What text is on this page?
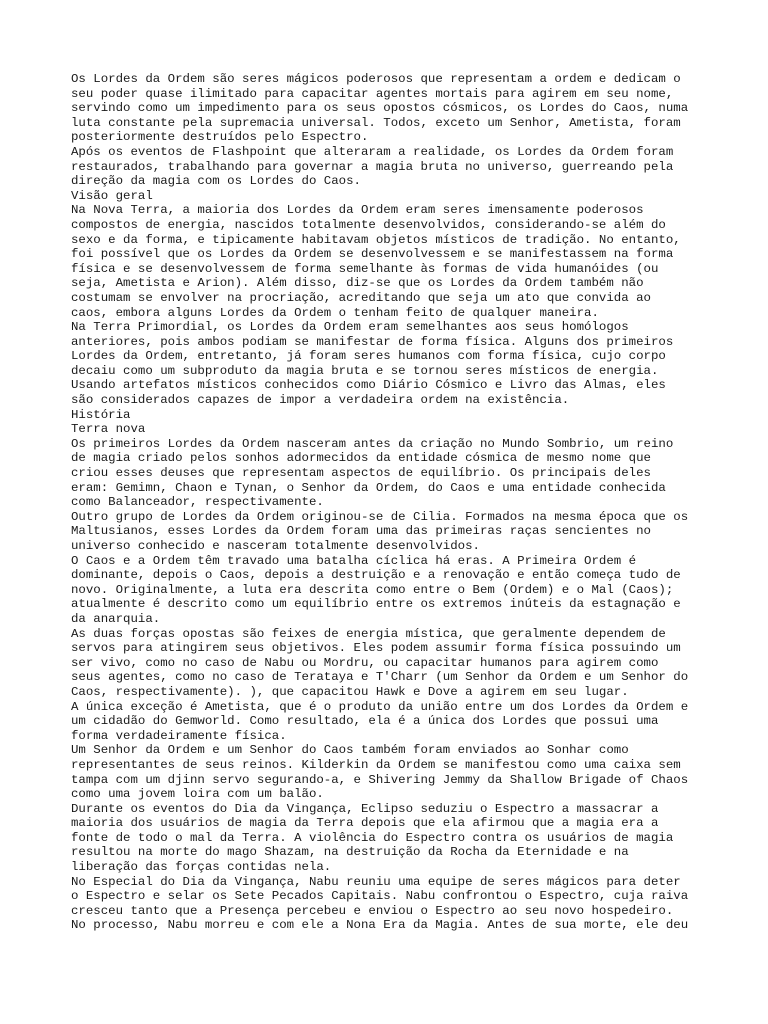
Os Lordes da Ordem são seres mágicos poderosos que representam a ordem e dedicam o
seu poder quase ilimitado para capacitar agentes mortais para agirem em seu nome,
servindo como um impedimento para os seus opostos cósmicos, os Lordes do Caos, numa
luta constante pela supremacia universal. Todos, exceto um Senhor, Ametista, foram
posteriormente destruídos pelo Espectro.
Após os eventos de Flashpoint que alteraram a realidade, os Lordes da Ordem foram
restaurados, trabalhando para governar a magia bruta no universo, guerreando pela
direção da magia com os Lordes do Caos.
Visão geral
Na Nova Terra, a maioria dos Lordes da Ordem eram seres imensamente poderosos
compostos de energia, nascidos totalmente desenvolvidos, considerando-se além do
sexo e da forma, e tipicamente habitavam objetos místicos de tradição. No entanto,
foi possível que os Lordes da Ordem se desenvolvessem e se manifestassem na forma
física e se desenvolvessem de forma semelhante às formas de vida humanóides (ou
seja, Ametista e Arion). Além disso, diz-se que os Lordes da Ordem também não
costumam se envolver na procriação, acreditando que seja um ato que convida ao
caos, embora alguns Lordes da Ordem o tenham feito de qualquer maneira.
Na Terra Primordial, os Lordes da Ordem eram semelhantes aos seus homólogos
anteriores, pois ambos podiam se manifestar de forma física. Alguns dos primeiros
Lordes da Ordem, entretanto, já foram seres humanos com forma física, cujo corpo
decaiu como um subproduto da magia bruta e se tornou seres místicos de energia.
Usando artefatos místicos conhecidos como Diário Cósmico e Livro das Almas, eles
são considerados capazes de impor a verdadeira ordem na existência.
História
Terra nova
Os primeiros Lordes da Ordem nasceram antes da criação no Mundo Sombrio, um reino
de magia criado pelos sonhos adormecidos da entidade cósmica de mesmo nome que
criou esses deuses que representam aspectos de equilíbrio. Os principais deles
eram: Gemimn, Chaon e Tynan, o Senhor da Ordem, do Caos e uma entidade conhecida
como Balanceador, respectivamente.
Outro grupo de Lordes da Ordem originou-se de Cilia. Formados na mesma época que os
Maltusianos, esses Lordes da Ordem foram uma das primeiras raças sencientes no
universo conhecido e nasceram totalmente desenvolvidos.
O Caos e a Ordem têm travado uma batalha cíclica há eras. A Primeira Ordem é
dominante, depois o Caos, depois a destruição e a renovação e então começa tudo de
novo. Originalmente, a luta era descrita como entre o Bem (Ordem) e o Mal (Caos);
atualmente é descrito como um equilíbrio entre os extremos inúteis da estagnação e
da anarquia.
As duas forças opostas são feixes de energia mística, que geralmente dependem de
servos para atingirem seus objetivos. Eles podem assumir forma física possuindo um
ser vivo, como no caso de Nabu ou Mordru, ou capacitar humanos para agirem como
seus agentes, como no caso de Terataya e T'Charr (um Senhor da Ordem e um Senhor do
Caos, respectivamente). ), que capacitou Hawk e Dove a agirem em seu lugar.
A única exceção é Ametista, que é o produto da união entre um dos Lordes da Ordem e
um cidadão do Gemworld. Como resultado, ela é a única dos Lordes que possui uma
forma verdadeiramente física.
Um Senhor da Ordem e um Senhor do Caos também foram enviados ao Sonhar como
representantes de seus reinos. Kilderkin da Ordem se manifestou como uma caixa sem
tampa com um djinn servo segurando-a, e Shivering Jemmy da Shallow Brigade of Chaos
como uma jovem loira com um balão.
Durante os eventos do Dia da Vingança, Eclipso seduziu o Espectro a massacrar a
maioria dos usuários de magia da Terra depois que ela afirmou que a magia era a
fonte de todo o mal da Terra. A violência do Espectro contra os usuários de magia
resultou na morte do mago Shazam, na destruição da Rocha da Eternidade e na
liberação das forças contidas nela.
No Especial do Dia da Vingança, Nabu reuniu uma equipe de seres mágicos para deter
o Espectro e selar os Sete Pecados Capitais. Nabu confrontou o Espectro, cuja raiva
cresceu tanto que a Presença percebeu e enviou o Espectro ao seu novo hospedeiro.
No processo, Nabu morreu e com ele a Nona Era da Magia. Antes de sua morte, ele deu
